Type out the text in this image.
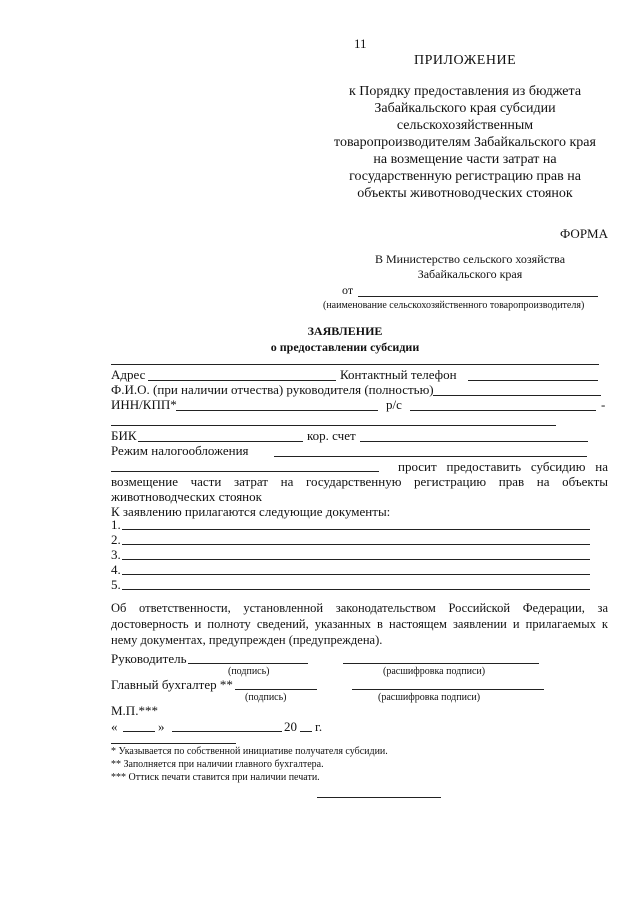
11
ПРИЛОЖЕНИЕ
к Порядку предоставления из бюджета
Забайкальского края субсидии
сельскохозяйственным
товаропроизводителям Забайкальского края
на возмещение части затрат на
государственную регистрацию прав на
объекты животноводческих стоянок
ФОРМА
В Министерство сельского хозяйства
Забайкальского края
от
(наименование сельскохозяйственного товаропроизводителя)
ЗАЯВЛЕНИЕ
о предоставлении субсидии
Адрес	Контактный телефон
Ф.И.О. (при наличии отчества) руководителя (полностью)
ИНН/КПП*	р/с	-
БИК	кор. счет
Режим налогообложения
просит предоставить субсидию на
возмещение части затрат на государственную регистрацию прав на объекты
животноводческих стоянок
К заявлению прилагаются следующие документы:
1.
2.
3.
4.
5.
Об ответственности, установленной законодательством Российской Федерации, за достоверность и полноту сведений, указанных в настоящем заявлении и прилагаемых к нему документах, предупрежден (предупреждена).
Руководитель
(подпись)	(расшифровка подписи)
Главный бухгалтер **
(подпись)	(расшифровка подписи)
М.П.***
«	»	20 г.
* Указывается по собственной инициативе получателя субсидии.
** Заполняется при наличии главного бухгалтера.
*** Оттиск печати ставится при наличии печати.
